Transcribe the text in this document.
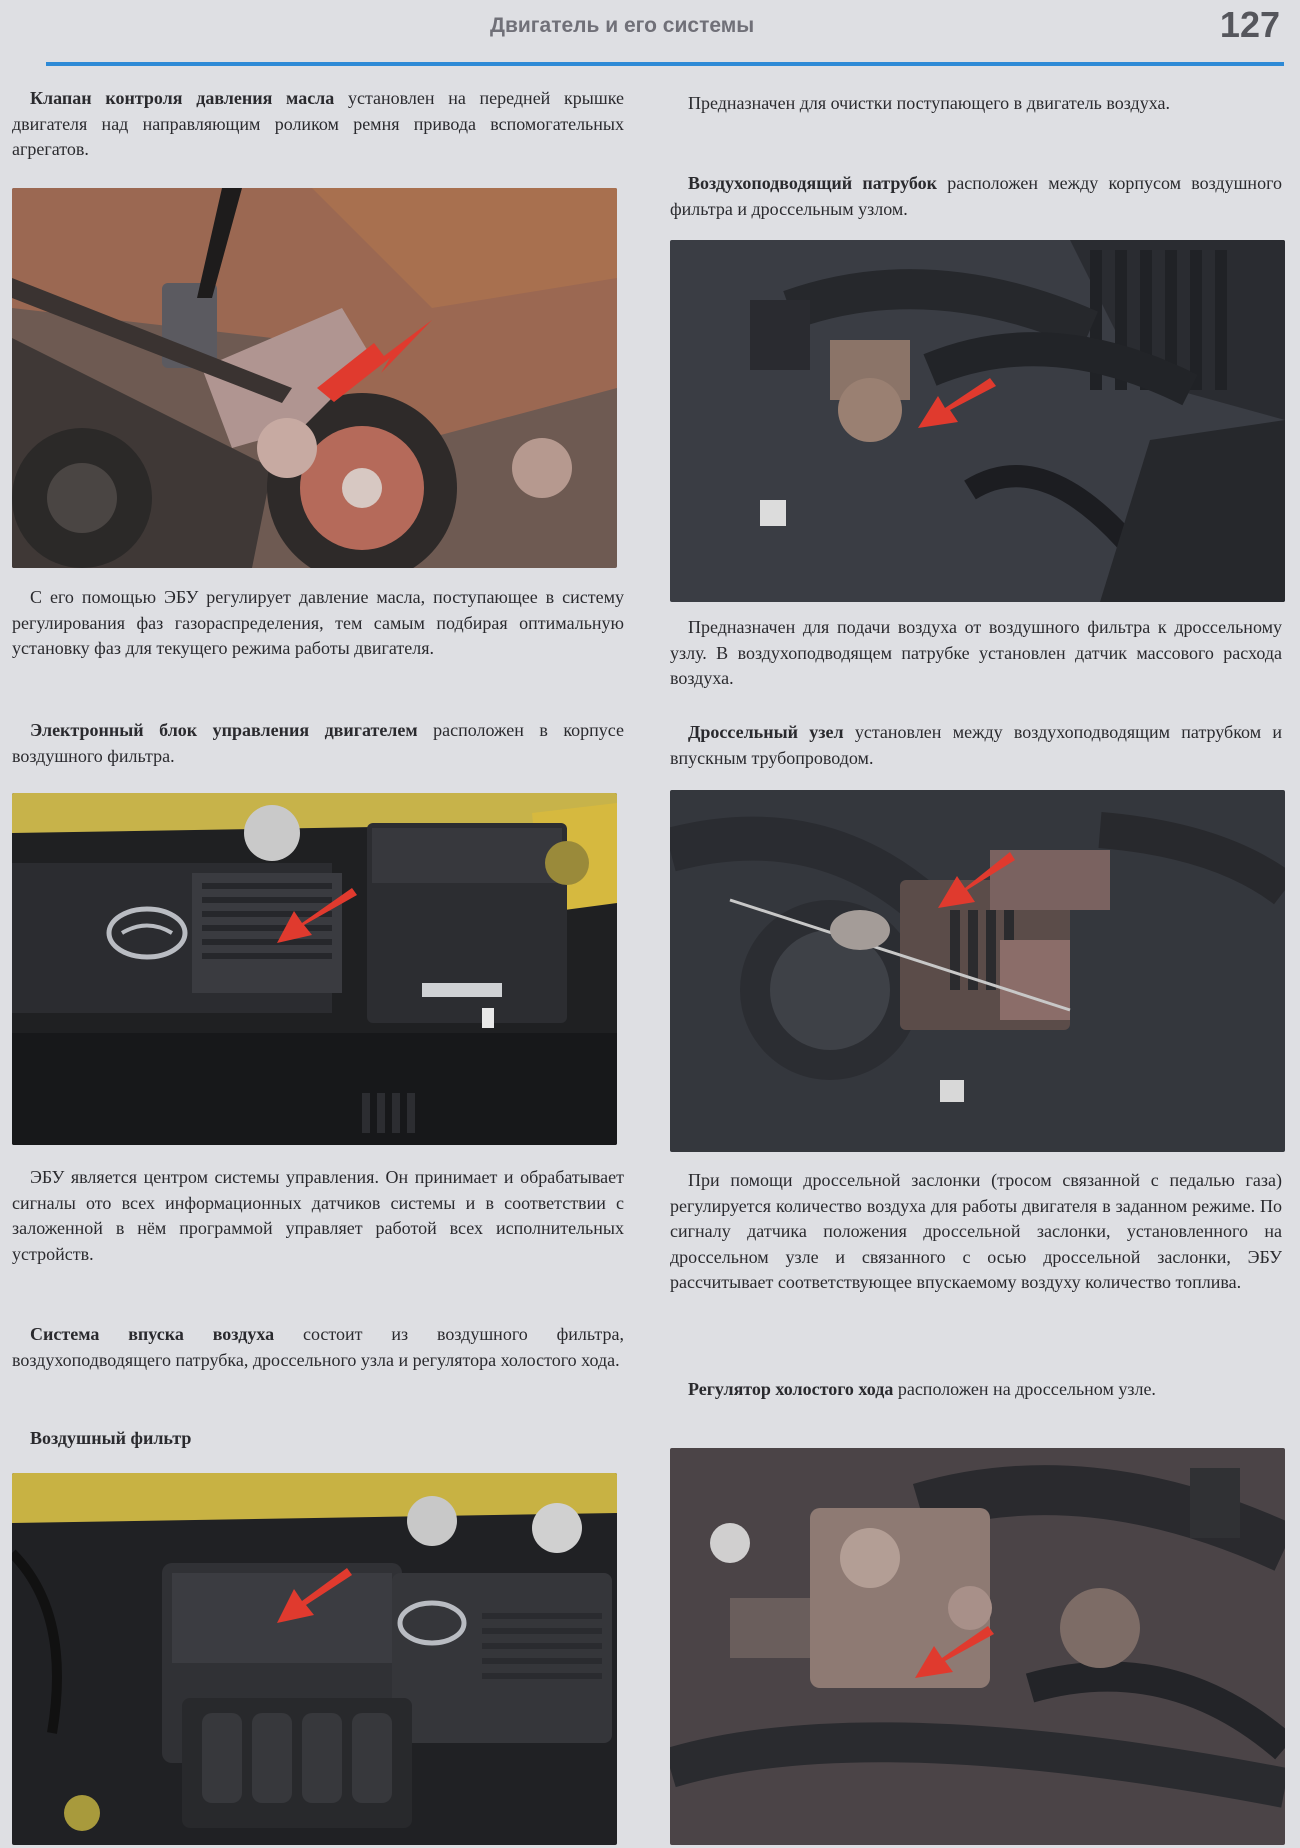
Двигатель и его системы	127

Клапан контроля давления масла установлен на передней крышке двигателя над направляющим роликом ремня привода вспомогательных агрегатов.

С его помощью ЭБУ регулирует давление масла, поступающее в систему регулирования фаз газораспределения, тем самым подбирая оптимальную установку фаз для текущего режима работы двигателя.

Электронный блок управления двигателем расположен в корпусе воздушного фильтра.

ЭБУ является центром системы управления. Он принимает и обрабатывает сигналы ото всех информационных датчиков системы и в соответствии с заложенной в нём программой управляет работой всех исполнительных устройств.

Система впуска воздуха состоит из воздушного фильтра, воздухоподводящего патрубка, дроссельного узла и регулятора холостого хода.

Воздушный фильтр

Предназначен для очистки поступающего в двигатель воздуха.

Воздухоподводящий патрубок расположен между корпусом воздушного фильтра и дроссельным узлом.

Предназначен для подачи воздуха от воздушного фильтра к дроссельному узлу. В воздухоподводящем патрубке установлен датчик массового расхода воздуха.

Дроссельный узел установлен между воздухоподводящим патрубком и впускным трубопроводом.

При помощи дроссельной заслонки (тросом связанной с педалью газа) регулируется количество воздуха для работы двигателя в заданном режиме. По сигналу датчика положения дроссельной заслонки, установленного на дроссельном узле и связанного с осью дроссельной заслонки, ЭБУ рассчитывает соответствующее впускаемому воздуху количество топлива.

Регулятор холостого хода расположен на дроссельном узле.
